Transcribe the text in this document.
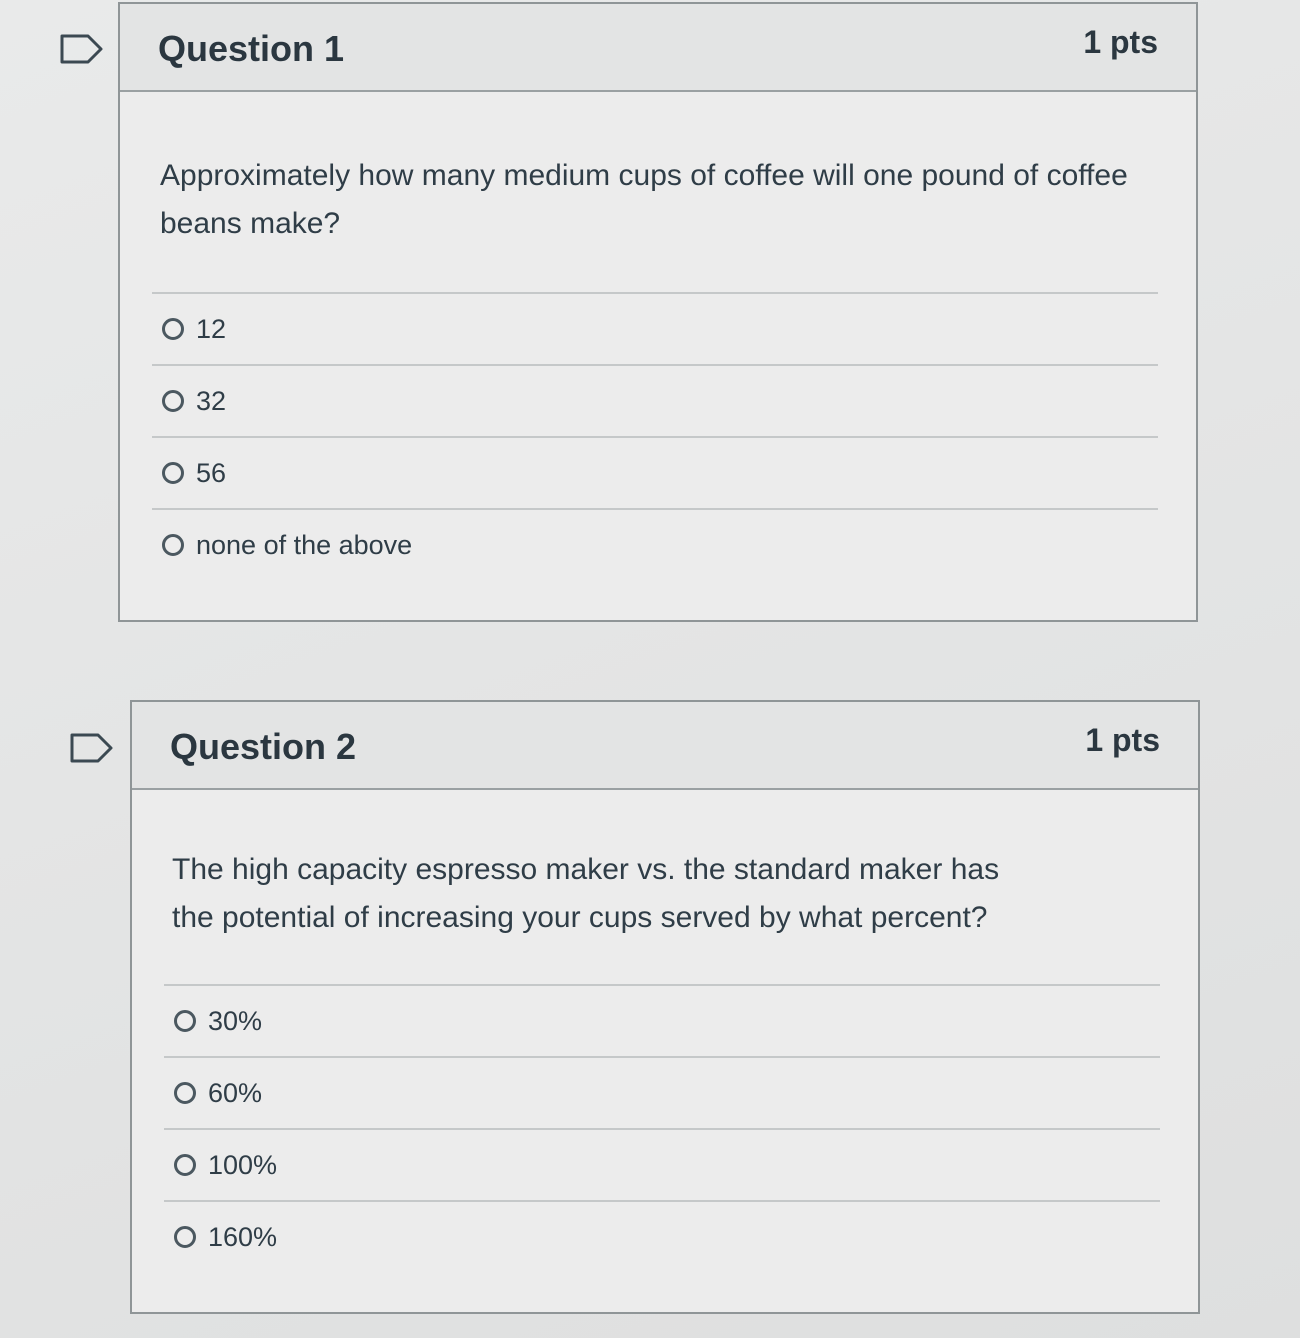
Question 1	1 pts
Approximately how many medium cups of coffee will one pound of coffee beans make?
12
32
56
none of the above
Question 2	1 pts
The high capacity espresso maker vs. the standard maker has the potential of increasing your cups served by what percent?
30%
60%
100%
160%
